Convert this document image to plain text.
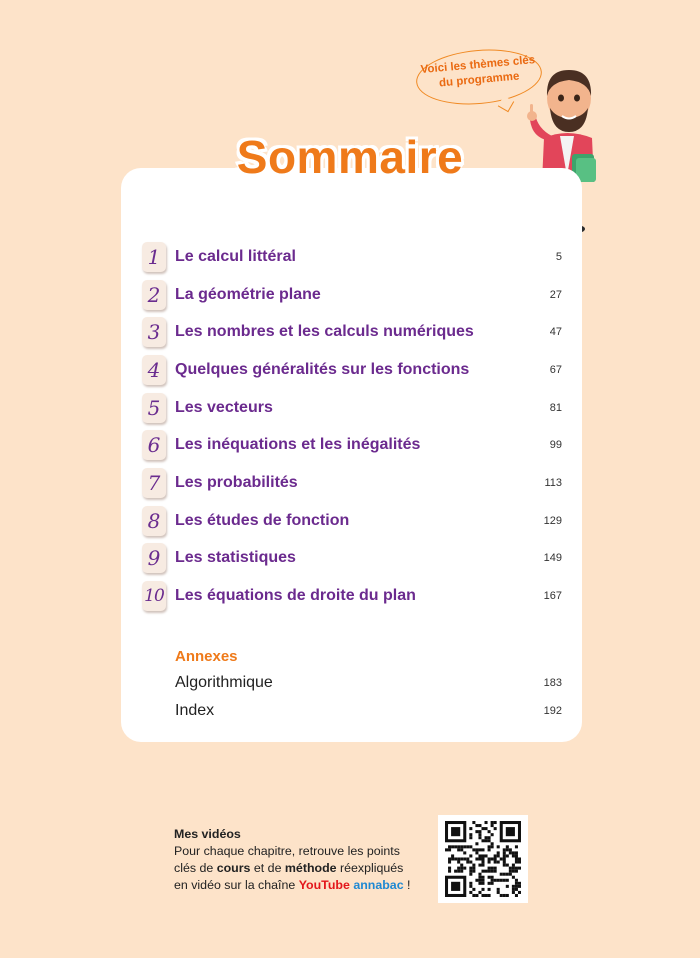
Voici les thèmes clés
du programme
Sommaire
1 Le calcul littéral	5
2 La géométrie plane	27
3 Les nombres et les calculs numériques	47
4 Quelques généralités sur les fonctions	67
5 Les vecteurs	81
6 Les inéquations et les inégalités	99
7 Les probabilités	113
8 Les études de fonction	129
9 Les statistiques	149
10 Les équations de droite du plan	167
Annexes
Algorithmique	183
Index	192
Mes vidéos
Pour chaque chapitre, retrouve les points
clés de cours et de méthode réexpliqués
en vidéo sur la chaîne YouTube annabac !
